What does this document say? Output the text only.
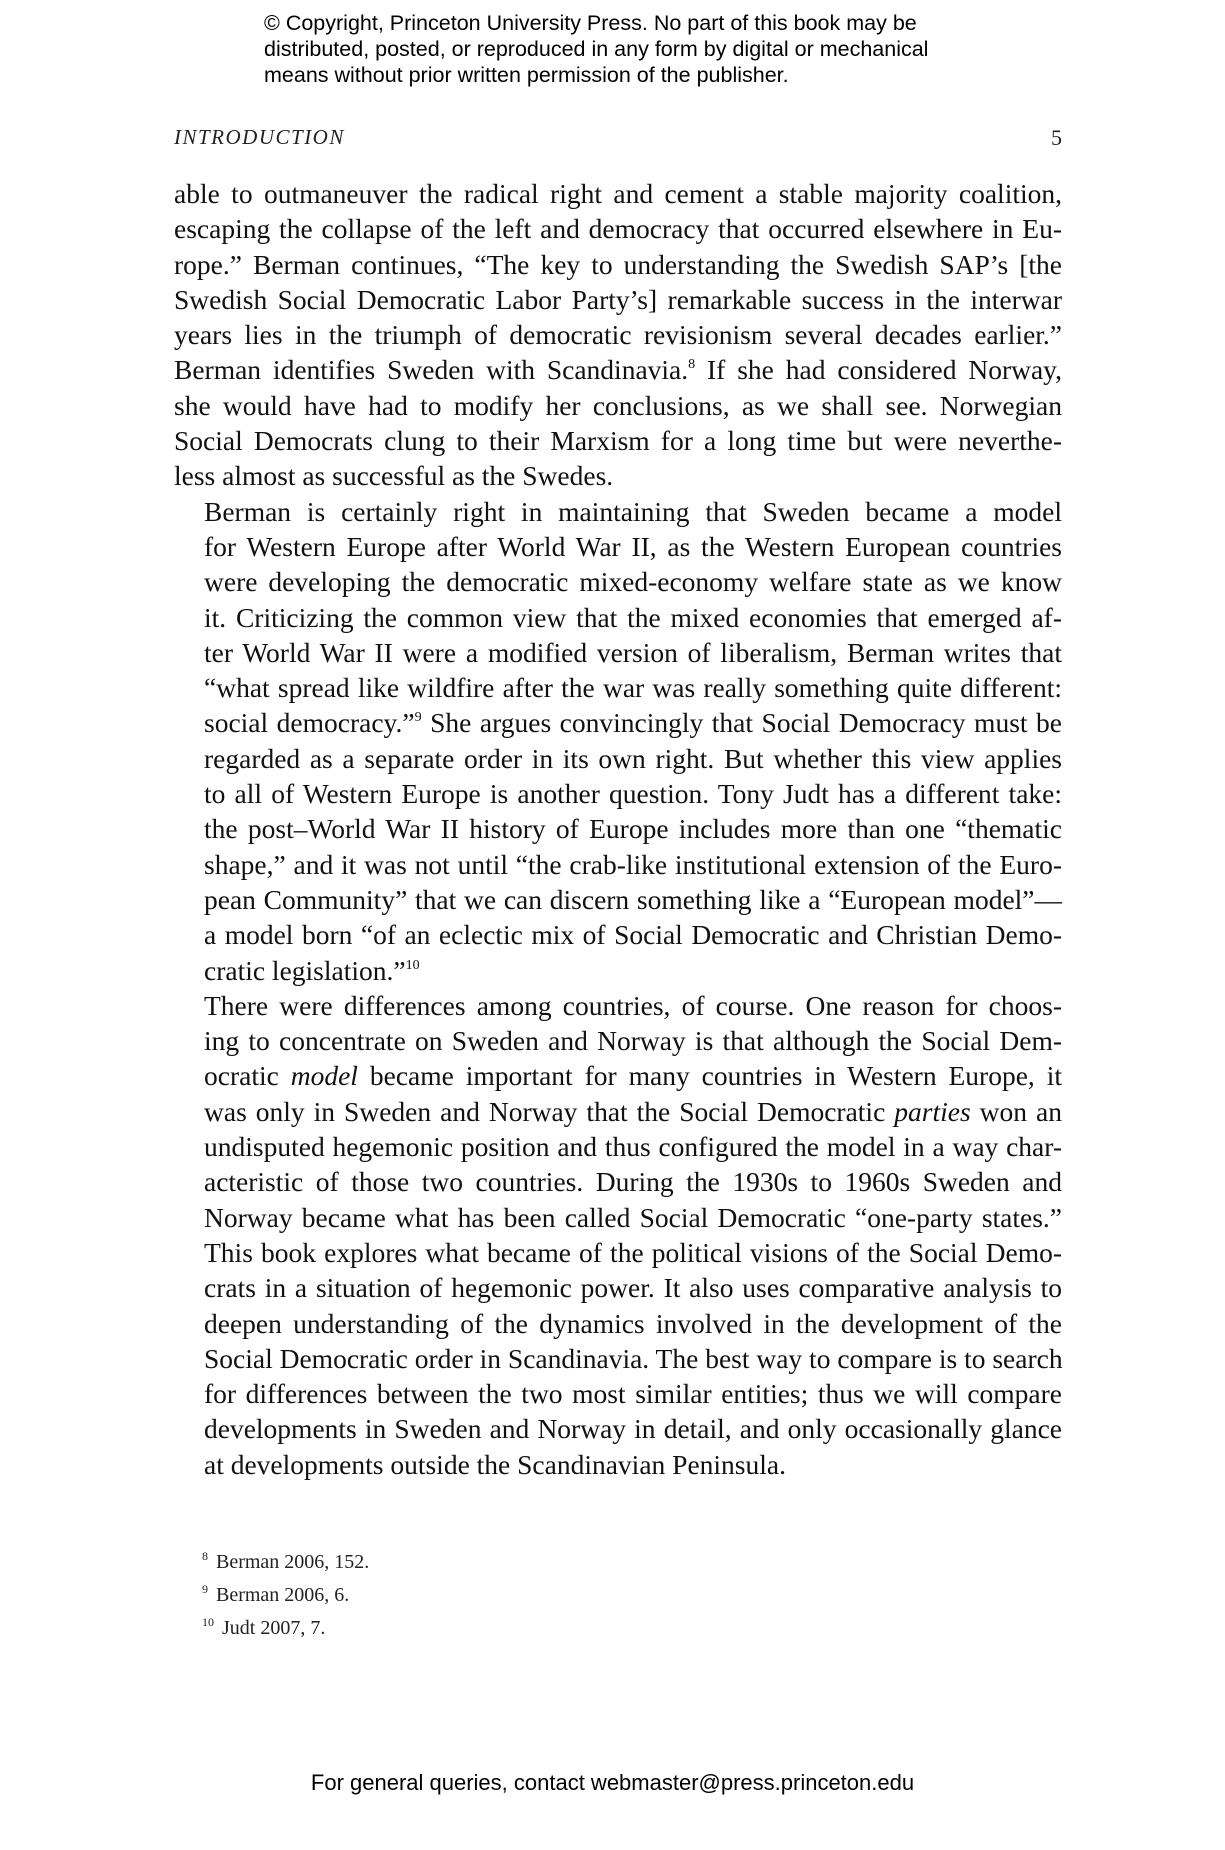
© Copyright, Princeton University Press. No part of this book may be
distributed, posted, or reproduced in any form by digital or mechanical
means without prior written permission of the publisher.
INTRODUCTION	5

able to outmaneuver the radical right and cement a stable majority coalition,
escaping the collapse of the left and democracy that occurred elsewhere in Eu-
rope.” Berman continues, “The key to understanding the Swedish SAP’s [the
Swedish Social Democratic Labor Party’s] remarkable success in the interwar
years lies in the triumph of democratic revisionism several decades earlier.”
Berman identifies Sweden with Scandinavia.$^8$ If she had considered Norway,
she would have had to modify her conclusions, as we shall see. Norwegian
Social Democrats clung to their Marxism for a long time but were neverthe-
less almost as successful as the Swedes.

Berman is certainly right in maintaining that Sweden became a model
for Western Europe after World War II, as the Western European countries
were developing the democratic mixed-economy welfare state as we know
it. Criticizing the common view that the mixed economies that emerged af-
ter World War II were a modified version of liberalism, Berman writes that
“what spread like wildfire after the war was really something quite different:
social democracy.”$^9$ She argues convincingly that Social Democracy must be
regarded as a separate order in its own right. But whether this view applies
to all of Western Europe is another question. Tony Judt has a different take:
the post–World War II history of Europe includes more than one “thematic
shape,” and it was not until “the crab-like institutional extension of the Euro-
pean Community” that we can discern something like a “European model”—
a model born “of an eclectic mix of Social Democratic and Christian Demo-
cratic legislation.”$^{10}$

There were differences among countries, of course. One reason for choos-
ing to concentrate on Sweden and Norway is that although the Social Dem-
ocratic model became important for many countries in Western Europe, it
was only in Sweden and Norway that the Social Democratic parties won an
undisputed hegemonic position and thus configured the model in a way char-
acteristic of those two countries. During the 1930s to 1960s Sweden and
Norway became what has been called Social Democratic “one-party states.”
This book explores what became of the political visions of the Social Demo-
crats in a situation of hegemonic power. It also uses comparative analysis to
deepen understanding of the dynamics involved in the development of the
Social Democratic order in Scandinavia. The best way to compare is to search
for differences between the two most similar entities; thus we will compare
developments in Sweden and Norway in detail, and only occasionally glance
at developments outside the Scandinavian Peninsula.

$^8$ Berman 2006, 152.
$^9$ Berman 2006, 6.
$^{10}$ Judt 2007, 7.
For general queries, contact webmaster@press.princeton.edu
